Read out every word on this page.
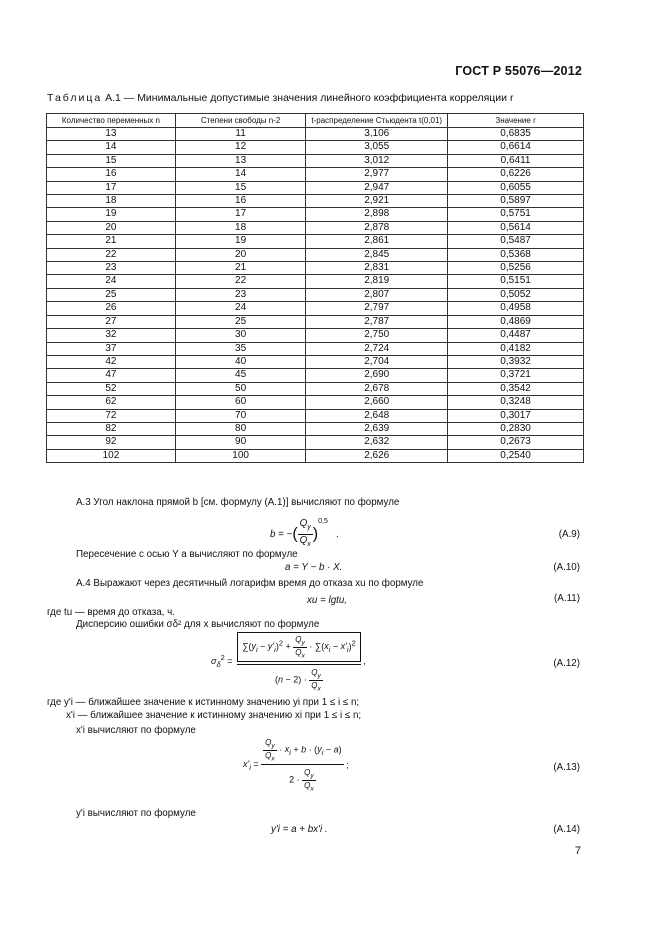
ГОСТ Р 55076—2012
Таблица А.1 — Минимальные допустимые значения линейного коэффициента корреляции r
Количество переменных n	Степени свободы n-2	t-распределение Стьюдента t(0,01)	Значение r
13	11	3,106	0,6835
14	12	3,055	0,6614
15	13	3,012	0,6411
16	14	2,977	0,6226
17	15	2,947	0,6055
18	16	2,921	0,5897
19	17	2,898	0,5751
20	18	2,878	0,5614
21	19	2,861	0,5487
22	20	2,845	0,5368
23	21	2,831	0,5256
24	22	2,819	0,5151
25	23	2,807	0,5052
26	24	2,797	0,4958
27	25	2,787	0,4869
32	30	2,750	0,4487
37	35	2,724	0,4182
42	40	2,704	0,3932
47	45	2,690	0,3721
52	50	2,678	0,3542
62	60	2,660	0,3248
72	70	2,648	0,3017
82	80	2,639	0,2830
92	90	2,632	0,2673
102	100	2,626	0,2540
А.3 Угол наклона прямой b [см. формулу (А.1)] вычисляют по формуле
b = −( $\frac{Q_y}{Q_x} )^{0,5}$   .	(А.9)
Пересечение с осью Y a вычисляют по формуле
a = Y − b · X.	(А.10)
А.4 Выражают через десятичный логарифм время до отказа xu по формуле
xu = lgtu,	(А.11)
где tu — время до отказа, ч.
Дисперсию ошибки σδ² для x вычисляют по формуле
$\sigma_\delta^2 = \frac{\sum(y_i - y'_i)^2 + \frac{Q_y}{Q_x} \cdot \sum(x_i - x'_i)^2}{(n - 2) \cdot \frac{Q_y}{Q_x}}$ ,	(А.12)
где y'i — ближайшее значение к истинному значению yi при 1 ≤ i ≤ n;
x'i — ближайшее значение к истинному значению xi при 1 ≤ i ≤ n;
x'i вычисляют по формуле
$x'_i = \frac{\frac{Q_y}{Q_x} \cdot x_i + b \cdot (y_i - a)}{2 \cdot \frac{Q_y}{Q_x}}$ ;	(А.13)
y'i вычисляют по формуле
y'i = a + bx'i .	(А.14)
7
